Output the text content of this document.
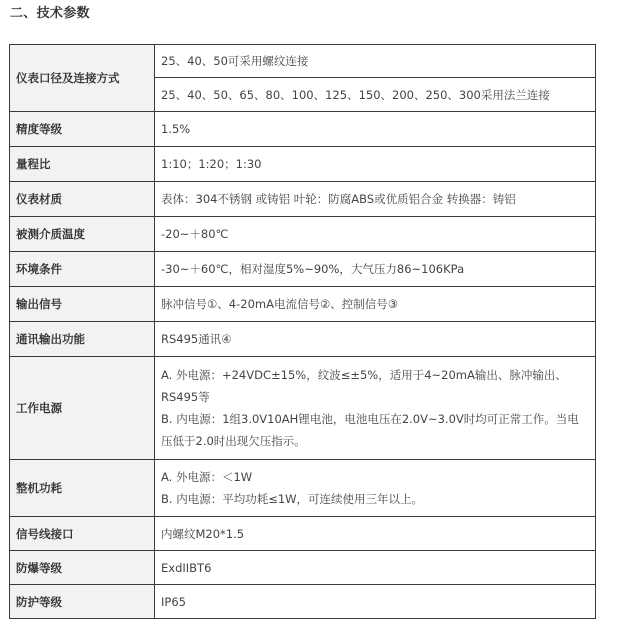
二、技术参数
仪表口径及连接方式	25、40、50可采用螺纹连接
	25、40、50、65、80、100、125、150、200、250、300采用法兰连接
精度等级	1.5%
量程比	1:10；1:20；1:30
仪表材质	表体：304不锈钢 或铸铝 叶轮：防腐ABS或优质铝合金 转换器：铸铝
被测介质温度	-20~＋80℃
环境条件	-30~＋60℃，相对湿度5%~90%，大气压力86~106KPa
输出信号	脉冲信号①、4-20mA电流信号②、控制信号③
通讯输出功能	RS495通讯④
工作电源	A. 外电源：+24VDC±15%，纹波≤±5%，适用于4~20mA输出、脉冲输出、RS495等
B. 内电源：1组3.0V10AH锂电池，电池电压在2.0V~3.0V时均可正常工作。当电压低于2.0时出现欠压指示。

整机功耗	A. 外电源：＜1W
B. 内电源：平均功耗≤1W，可连续使用三年以上。

信号线接口	内螺纹M20*1.5
防爆等级	ExdIIBT6
防护等级	IP65
